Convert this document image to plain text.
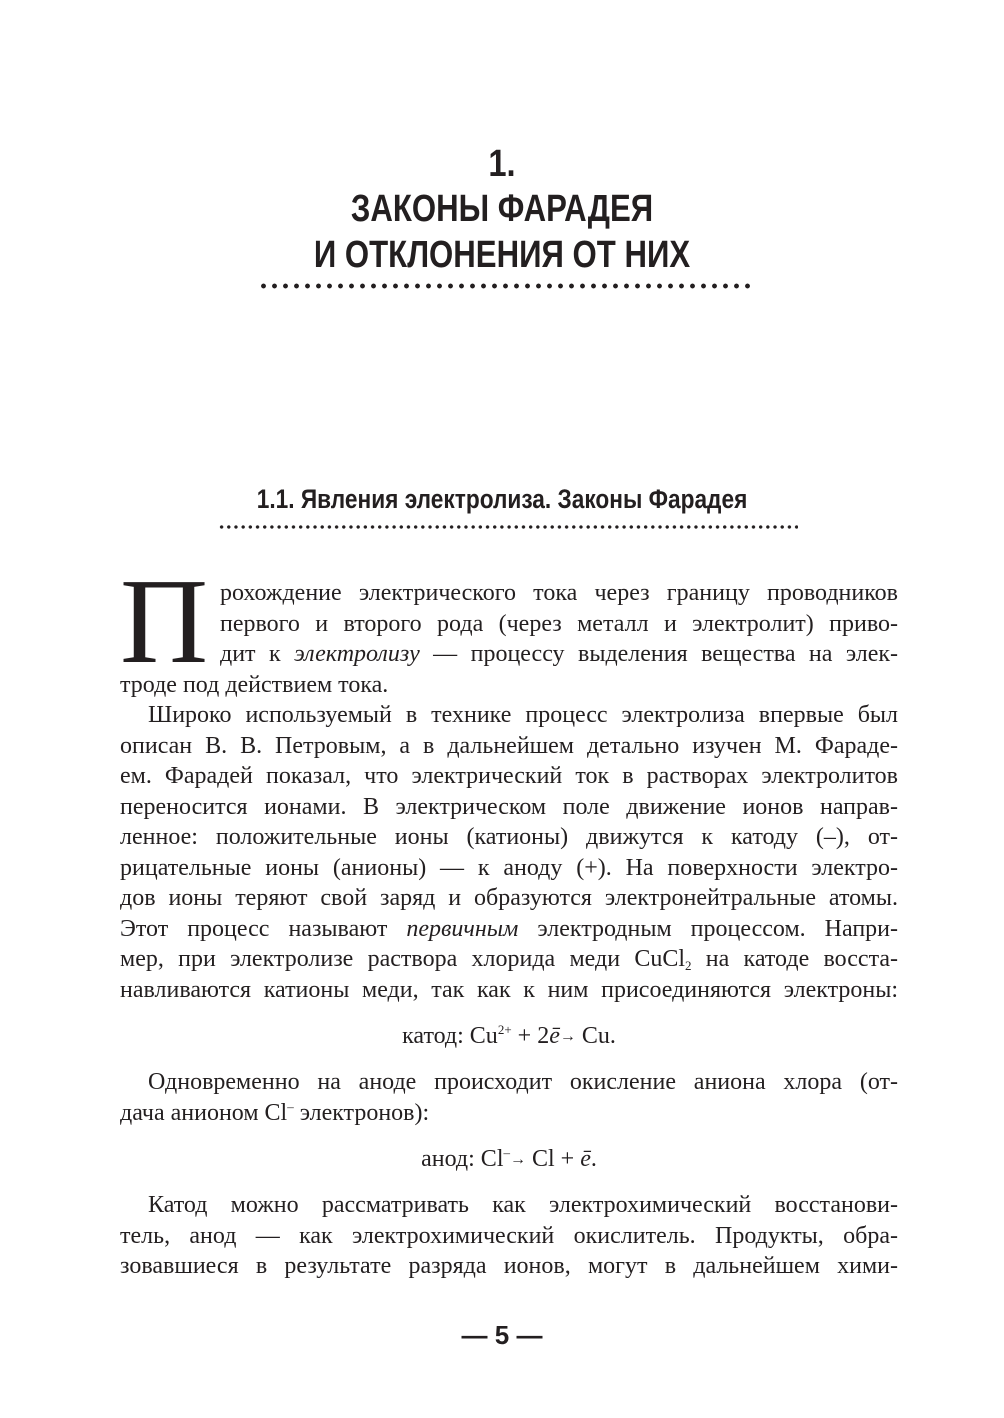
1.
ЗАКОНЫ ФАРАДЕЯ
И ОТКЛОНЕНИЯ ОТ НИХ
1.1. Явления электролиза. Законы Фарадея
П рохождение электрического тока через границу проводников
первого и второго рода (через металл и электролит) приво-
дит к электролизу — процессу выделения вещества на элек-
троде под действием тока.
Широко используемый в технике процесс электролиза впервые был
описан В. В. Петровым, а в дальнейшем детально изучен М. Фараде-
ем. Фарадей показал, что электрический ток в растворах электролитов
переносится ионами. В электрическом поле движение ионов направ-
ленное: положительные ионы (катионы) движутся к катоду (–), от-
рицательные ионы (анионы) — к аноду (+). На поверхности электро-
дов ионы теряют свой заряд и образуются электронейтральные атомы.
Этот процесс называют первичным электродным процессом. Напри-
мер, при электролизе раствора хлорида меди CuCl$_2$ на катоде восста-
навливаются катионы меди, так как к ним присоединяются электроны:
катод: $Cu^{2+}$ + 2ē→ Cu.
Одновременно на аноде происходит окисление аниона хлора (от-
дача анионом Cl– электронов):
анод: Cl–→ Cl + ē.
Катод можно рассматривать как электрохимический восстанови-
тель, анод — как электрохимический окислитель. Продукты, обра-
зовавшиеся в результате разряда ионов, могут в дальнейшем хими-
— 5 —
